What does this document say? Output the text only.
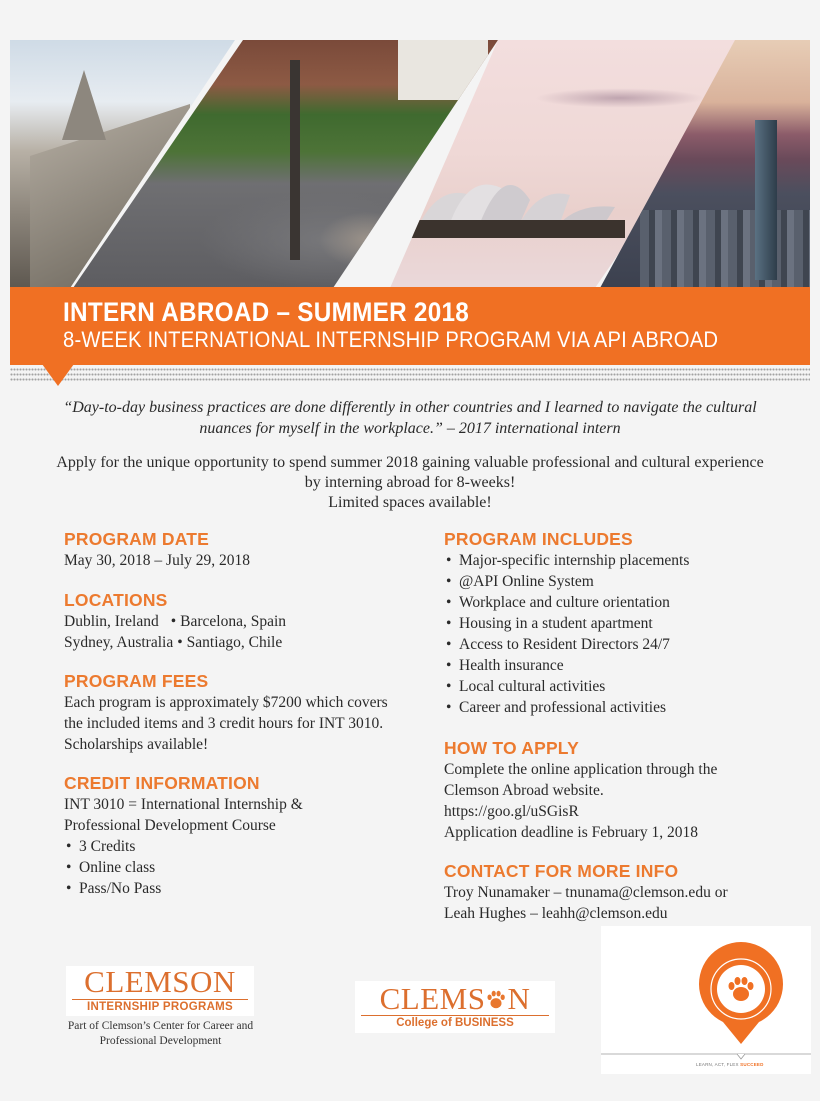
INTERN ABROAD – SUMMER 2018
8-WEEK INTERNATIONAL INTERNSHIP PROGRAM VIA API ABROAD
“Day-to-day business practices are done differently in other countries and I learned to navigate the cultural nuances for myself in the workplace.” – 2017 international intern

Apply for the unique opportunity to spend summer 2018 gaining valuable professional and cultural experience by interning abroad for 8-weeks!

Limited spaces available!

PROGRAM DATE
May 30, 2018 – July 29, 2018
LOCATIONS
Dublin, Ireland • Barcelona, Spain
Sydney, Australia • Santiago, Chile
PROGRAM FEES
Each program is approximately $7200 which covers the included items and 3 credit hours for INT 3010. Scholarships available!
CREDIT INFORMATION
INT 3010 = International Internship & Professional Development Course
• 3 Credits
• Online class
• Pass/No Pass
PROGRAM INCLUDES
• Major-specific internship placements
• @API Online System
• Workplace and culture orientation
• Housing in a student apartment
• Access to Resident Directors 24/7
• Health insurance
• Local cultural activities
• Career and professional activities
HOW TO APPLY
Complete the online application through the Clemson Abroad website.
https://goo.gl/uSGisR
Application deadline is February 1, 2018
CONTACT FOR MORE INFO
Troy Nunamaker – tnunama@clemson.edu or
Leah Hughes – leahh@clemson.edu
CLEMSON
INTERNSHIP PROGRAMS
Part of Clemson’s Center for Career and Professional Development
CLEMS N
College of BUSINESS
LEARN, ACT, FLEX SUCCEED
